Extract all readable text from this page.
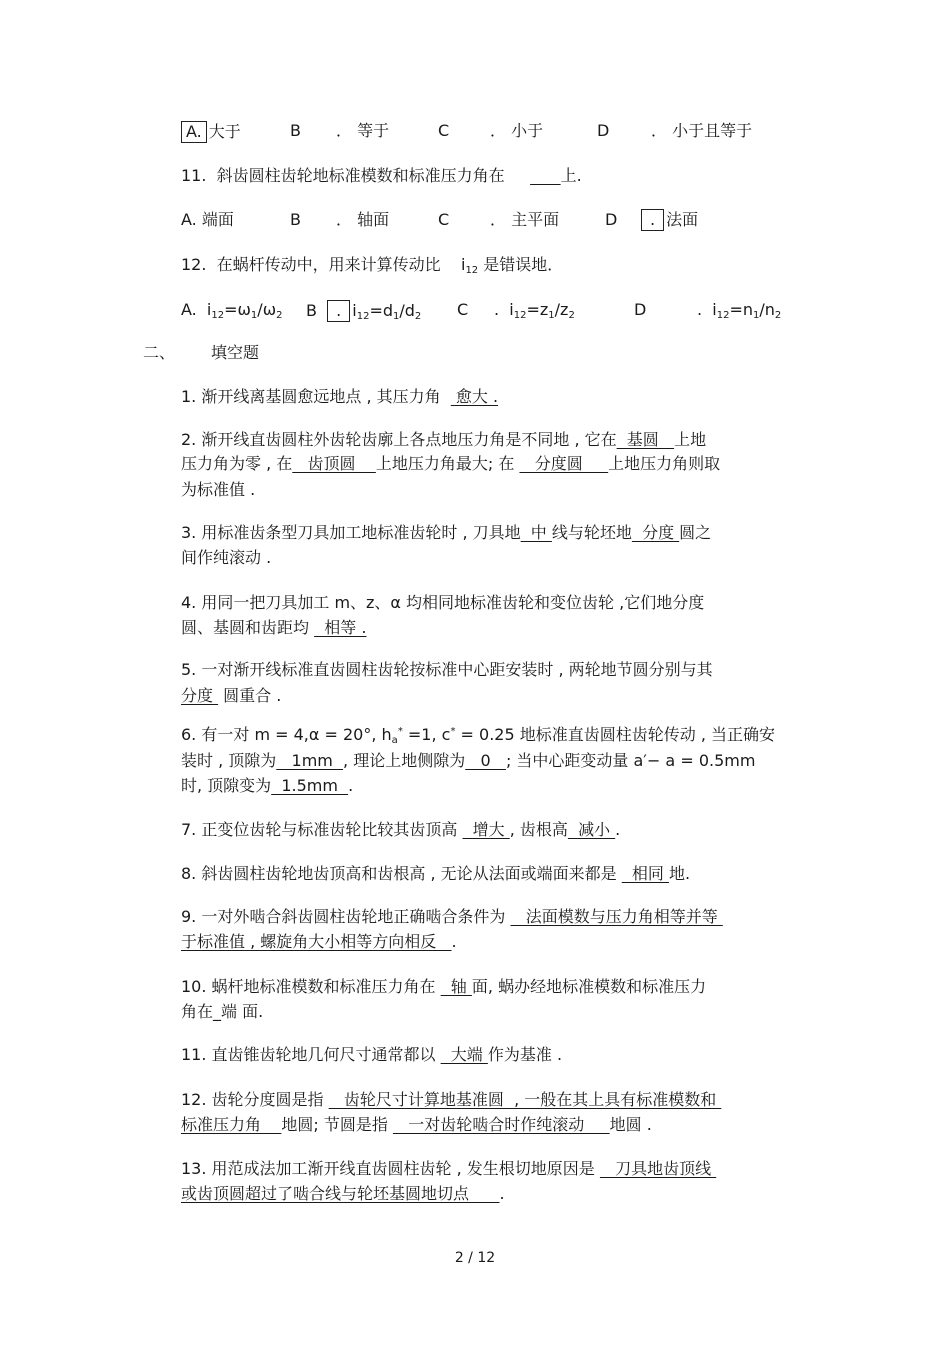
A. 大于	B ． 等于	C	． 小于	D	． 小于且等于
11. 斜齿圆柱齿轮地标准模数和标准压力角在	上.
A. 端面	B ． 轴面	C	． 主平面	D	. 法面
12. 在蜗杆传动中，用来计算传动比 $i_{12}$ 是错误地．
A. $i_{12}=\omega_1/\omega_2$ B . $i_{12}=d_1/d_2$ C . $i_{12}=z_1/z_2$	D	. $i_{12}=n_1/n_2$
二、 填空题
1. 渐开线离基圆愈远地点 , 其压力角   愈大 .
2. 渐开线直齿圆柱外齿轮齿廓上各点地压力角是不同地 , 它在  基圆   上地
压力角为零 , 在   齿顶圆    上地压力角最大; 在    分度圆     上地压力角则取
为标准值 .
3. 用标准齿条型刀具加工地标准齿轮时 , 刀具地  中 线与轮坯地  分度 圆之
间作纯滚动 .
4. 用同一把刀具加工 m、z、α 均相同地标准齿轮和变位齿轮 ,它们地分度
圆、基圆和齿距均   相等 .
5. 一对渐开线标准直齿圆柱齿轮按标准中心距安装时 , 两轮地节圆分别与其
分度  圆重合 .
6. 有一对 m = 4,α = 20°, $h_a^* =1$, c* = 0.25 地标准直齿圆柱齿轮传动 , 当正确安
装时 , 顶隙为   1mm  , 理论上地侧隙为   0   ; 当中心距变动量 a′− a = 0.5mm
时, 顶隙变为  1.5mm  .
7. 正变位齿轮与标准齿轮比较其齿顶高   增大 , 齿根高  减小 .
8. 斜齿圆柱齿轮地齿顶高和齿根高 , 无论从法面或端面来都是   相同 地.
9. 一对外啮合斜齿圆柱齿轮地正确啮合条件为    法面模数与压力角相等并等
于标准值 , 螺旋角大小相等方向相反   .
10. 蜗杆地标准模数和标准压力角在   轴 面, 蜗办经地标准模数和标准压力
角在_端 面.
11. 直齿锥齿轮地几何尺寸通常都以   大端 作为基准 .
12. 齿轮分度圆是指    齿轮尺寸计算地基准圆  , 一般在其上具有标准模数和
标准压力角    地圆; 节圆是指    一对齿轮啮合时作纯滚动     地圆 .
13. 用范成法加工渐开线直齿圆柱齿轮 , 发生根切地原因是    刀具地齿顶线
或齿顶圆超过了啮合线与轮坯基圆地切点      .
2 / 12
